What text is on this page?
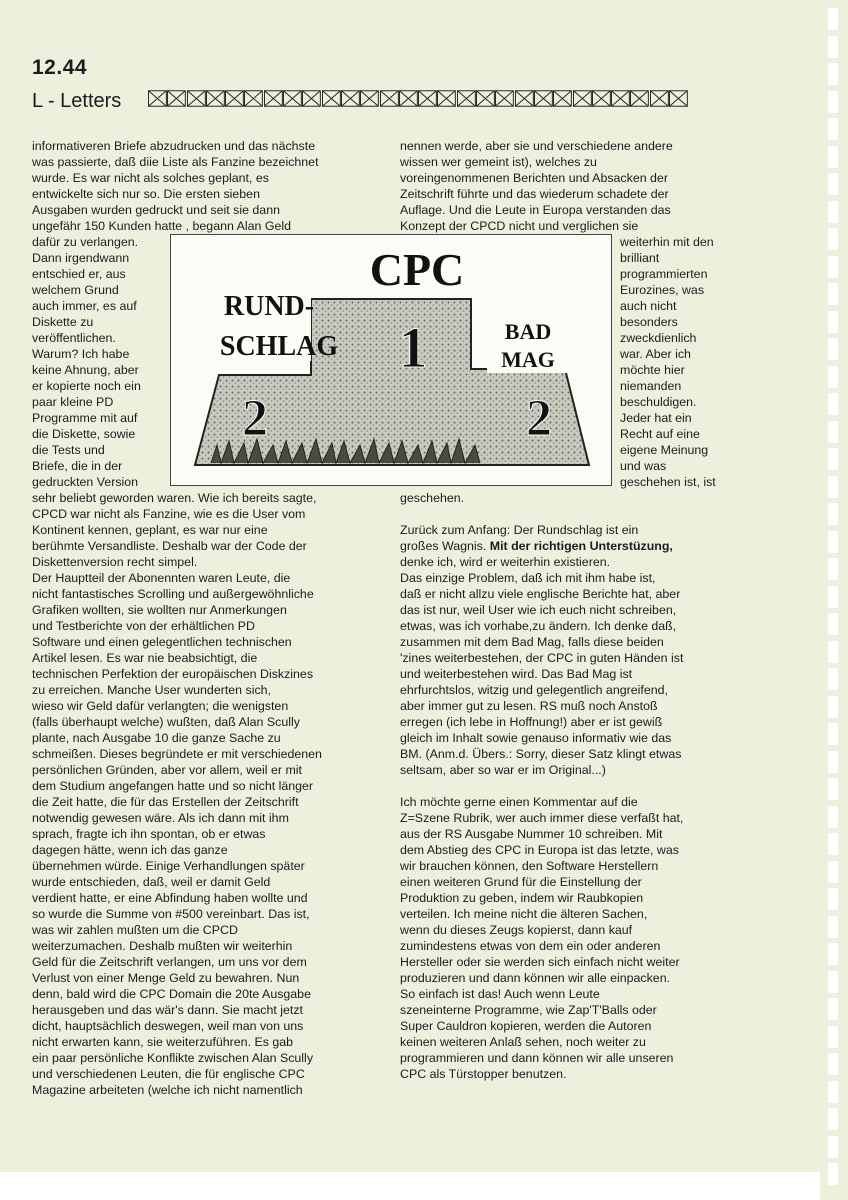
12.44
L - Letters

informativeren Briefe abzudrucken und das nächste
was passierte, daß diie Liste als Fanzine bezeichnet
wurde. Es war nicht als solches geplant, es
entwickelte sich nur so. Die ersten sieben
Ausgaben wurden gedruckt und seit sie dann
ungefähr 150 Kunden hatte , begann Alan Geld
dafür zu verlangen.
Dann irgendwann
entschied er, aus
welchem Grund
auch immer, es auf
Diskette zu
veröffentlichen.
Warum? Ich habe
keine Ahnung, aber
er kopierte noch ein
paar kleine PD
Programme mit auf
die Diskette, sowie
die Tests und
Briefe, die in der
gedruckten Version
sehr beliebt geworden waren. Wie ich bereits sagte,
CPCD war nicht als Fanzine, wie es die User vom
Kontinent kennen, geplant, es war nur eine
berühmte Versandliste. Deshalb war der Code der
Diskettenversion recht simpel.
Der Hauptteil der Abonennten waren Leute, die
nicht fantastisches Scrolling und außergewöhnliche
Grafiken wollten, sie wollten nur Anmerkungen
und Testberichte von der erhältlichen PD
Software und einen gelegentlichen technischen
Artikel lesen. Es war nie beabsichtigt, die
technischen Perfektion der europäischen Diskzines
zu erreichen. Manche User wunderten sich,
wieso wir Geld dafür verlangten; die wenigsten
(falls überhaupt welche) wußten, daß Alan Scully
plante, nach Ausgabe 10 die ganze Sache zu
schmeißen. Dieses begründete er mit verschiedenen
persönlichen Gründen, aber vor allem, weil er mit
dem Studium angefangen hatte und so nicht länger
die Zeit hatte, die für das Erstellen der Zeitschrift
notwendig gewesen wäre. Als ich dann mit ihm
sprach, fragte ich ihn spontan, ob er etwas
dagegen hätte, wenn ich das ganze
übernehmen würde. Einige Verhandlungen später
wurde entschieden, daß, weil er damit Geld
verdient hatte, er eine Abfindung haben wollte und
so wurde die Summe von #500 vereinbart. Das ist,
was wir zahlen mußten um die CPCD
weiterzumachen. Deshalb mußten wir weiterhin
Geld für die Zeitschrift verlangen, um uns vor dem
Verlust von einer Menge Geld zu bewahren. Nun
denn, bald wird die CPC Domain die 20te Ausgabe
herausgeben und das wär's dann. Sie macht jetzt
dicht, hauptsächlich deswegen, weil man von uns
nicht erwarten kann, sie weiterzuführen. Es gab
ein paar persönliche Konflikte zwischen Alan Scully
und verschiedenen Leuten, die für englische CPC
Magazine arbeiteten (welche ich nicht namentlich

nennen werde, aber sie und verschiedene andere
wissen wer gemeint ist), welches zu
voreingenommenen Berichten und Absacken der
Zeitschrift führte und das wiederum schadete der
Auflage. Und die Leute in Europa verstanden das
Konzept der CPCD nicht und verglichen sie
weiterhin mit den
brilliant
programmierten
Eurozines, was
auch nicht
besonders
zweckdienlich
war. Aber ich
möchte hier
niemanden
beschuldigen.
Jeder hat ein
Recht auf eine
eigene Meinung
und was
geschehen ist, ist
geschehen.

Zurück zum Anfang: Der Rundschlag ist ein
großes Wagnis. Mit der richtigen Unterstüzung,
denke ich, wird er weiterhin existieren.

Das einzige Problem, daß ich mit ihm habe ist,
daß er nicht allzu viele englische Berichte hat, aber
das ist nur, weil User wie ich euch nicht schreiben,
etwas, was ich vorhabe,zu ändern. Ich denke daß,
zusammen mit dem Bad Mag, falls diese beiden
'zines weiterbestehen, der CPC in guten Händen ist
und weiterbestehen wird. Das Bad Mag ist
ehrfurchtslos, witzig und gelegentlich angreifend,
aber immer gut zu lesen. RS muß noch Anstoß
erregen (ich lebe in Hoffnung!) aber er ist gewiß
gleich im Inhalt sowie genauso informativ wie das
BM. (Anm.d. Übers.: Sorry, dieser Satz klingt etwas
seltsam, aber so war er im Original...)

Ich möchte gerne einen Kommentar auf die
Z=Szene Rubrik, wer auch immer diese verfaßt hat,
aus der RS Ausgabe Nummer 10 schreiben. Mit
dem Abstieg des CPC in Europa ist das letzte, was
wir brauchen können, den Software Herstellern
einen weiteren Grund für die Einstellung der
Produktion zu geben, indem wir Raubkopien
verteilen. Ich meine nicht die älteren Sachen,
wenn du dieses Zeugs kopierst, dann kauf
zumindestens etwas von dem ein oder anderen
Hersteller oder sie werden sich einfach nicht weiter
produzieren und dann können wir alle einpacken.
So einfach ist das! Auch wenn Leute
szeneinterne Programme, wie Zap'T'Balls oder
Super Cauldron kopieren, werden die Autoren
keinen weiteren Anlaß sehen, noch weiter zu
programmieren und dann können wir alle unseren
CPC als Türstopper benutzen.

CPC
RUND-
SCHLAG	BAD
MAG
1
2	2
